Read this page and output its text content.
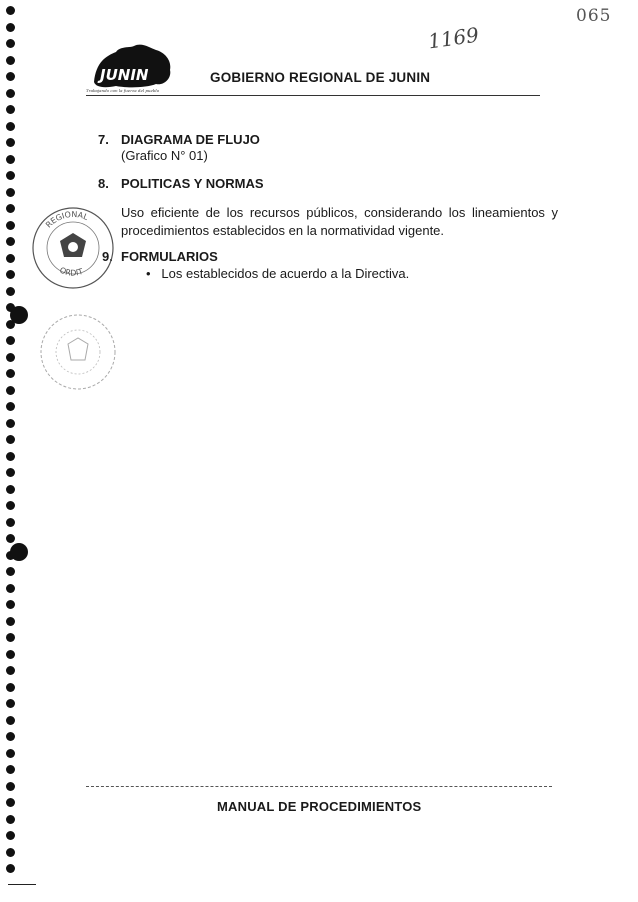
065
1169
JUNIN
Trabajando con la fuerza del pueblo
GOBIERNO REGIONAL DE JUNIN
7. DIAGRAMA DE FLUJO
(Grafico N° 01)
8. POLITICAS Y NORMAS
Uso eficiente de los recursos públicos, considerando los lineamientos y procedimientos establecidos en la normatividad vigente.
9. FORMULARIOS
•   Los establecidos de acuerdo a la Directiva.
REGIONAL
ORDIT
MANUAL DE PROCEDIMIENTOS
